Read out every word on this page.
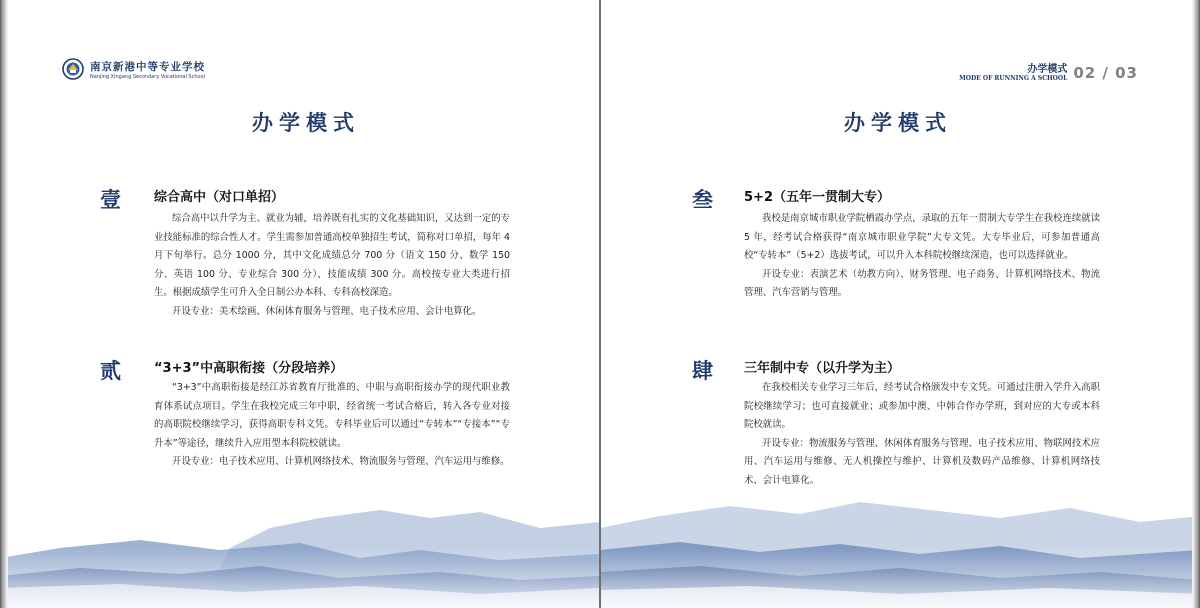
南京新港中等专业学校
Nanjing Xingang Secondary Vocational School
办学模式
壹	综合高中（对口单招）

综合高中以升学为主、就业为辅，培养既有扎实的文化基础知识，又达到一定的专业技能标准的综合性人才。学生需参加普通高校单独招生考试，简称对口单招，每年 4 月下旬举行。总分 1000 分，其中文化成绩总分 700 分（语文 150 分、数学 150 分、英语 100 分、专业综合 300 分），技能成绩 300 分。高校按专业大类进行招生。根据成绩学生可升入全日制公办本科、专科高校深造。

开设专业：美术绘画、休闲体育服务与管理、电子技术应用、会计电算化。

贰	“3+3”中高职衔接（分段培养）

“3+3”中高职衔接是经江苏省教育厅批准的、中职与高职衔接办学的现代职业教育体系试点项目。学生在我校完成三年中职，经省统一考试合格后，转入各专业对接的高职院校继续学习，获得高职专科文凭。专科毕业后可以通过“专转本”“专接本”“专升本”等途径，继续升入应用型本科院校就读。

开设专业：电子技术应用、计算机网络技术、物流服务与管理、汽车运用与维修。

办学模式
MODE OF RUNNING A SCHOOL 02 / 03
办学模式
叁 5+2（五年一贯制大专）

我校是南京城市职业学院栖霞办学点，录取的五年一贯制大专学生在我校连续就读 5 年，经考试合格获得“南京城市职业学院”大专文凭。大专毕业后，可参加普通高校“专转本”（5+2）选拔考试，可以升入本科院校继续深造，也可以选择就业。

开设专业：表演艺术（幼教方向）、财务管理、电子商务、计算机网络技术、物流管理、汽车营销与管理。

肆 三年制中专（以升学为主）

在我校相关专业学习三年后，经考试合格颁发中专文凭。可通过注册入学升入高职院校继续学习；也可直接就业；或参加中澳、中韩合作办学班，到对应的大专或本科院校就读。

开设专业：物流服务与管理、休闲体育服务与管理、电子技术应用、物联网技术应用、汽车运用与维修、无人机操控与维护、计算机及数码产品维修、计算机网络技术、会计电算化。
